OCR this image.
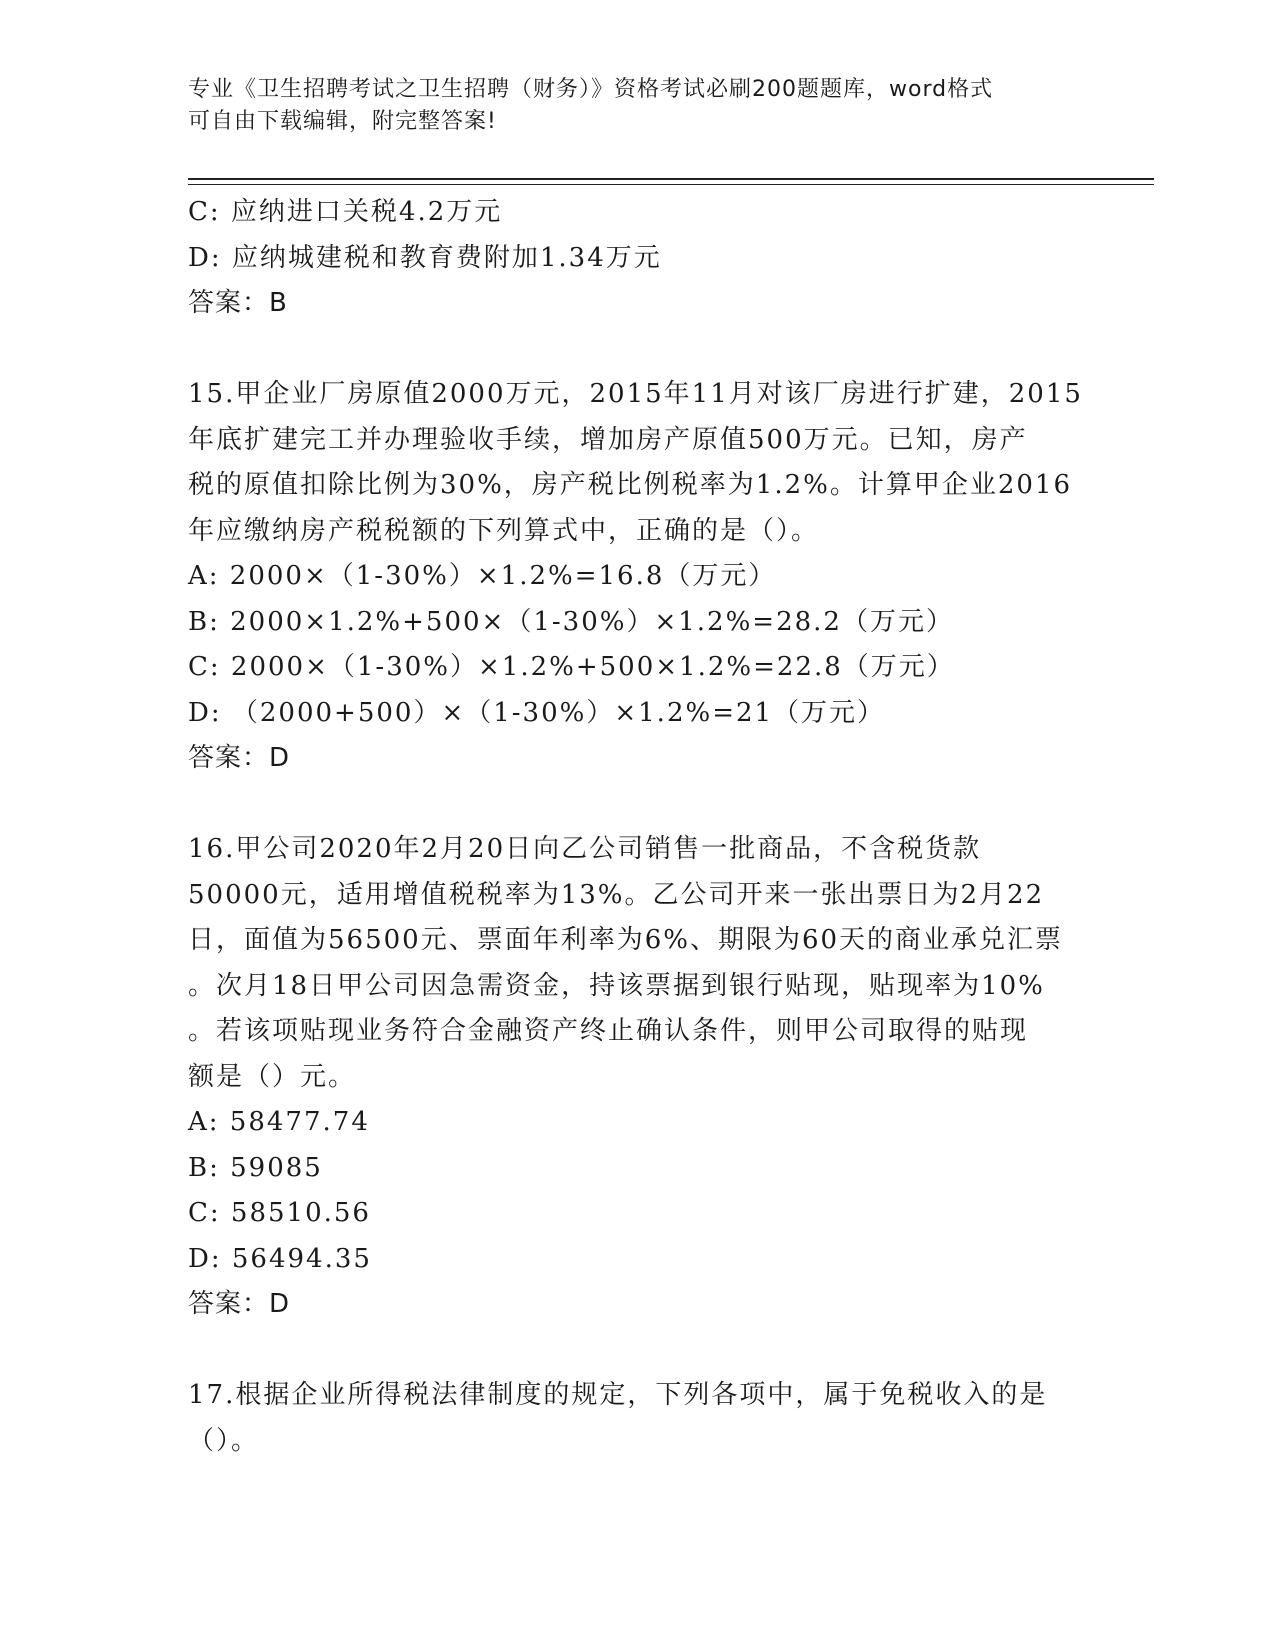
专业《卫生招聘考试之卫生招聘（财务）》资格考试必刷200题题库，word格式
可自由下载编辑，附完整答案!
C: 应纳进口关税4.2万元
D: 应纳城建税和教育费附加1.34万元
答案：B
15.甲企业厂房原值2000万元，2015年11月对该厂房进行扩建，2015
年底扩建完工并办理验收手续，增加房产原值500万元。已知，房产
税的原值扣除比例为30%，房产税比例税率为1.2%。计算甲企业2016
年应缴纳房产税税额的下列算式中，正确的是（）。
A: 2000×（1-30%）×1.2%=16.8（万元）
B: 2000×1.2%+500×（1-30%）×1.2%=28.2（万元）
C: 2000×（1-30%）×1.2%+500×1.2%=22.8（万元）
D: （2000+500）×（1-30%）×1.2%=21（万元）
答案：D
16.甲公司2020年2月20日向乙公司销售一批商品，不含税货款
50000元，适用增值税税率为13%。乙公司开来一张出票日为2月22
日，面值为56500元、票面年利率为6%、期限为60天的商业承兑汇票
。次月18日甲公司因急需资金，持该票据到银行贴现，贴现率为10%
。若该项贴现业务符合金融资产终止确认条件，则甲公司取得的贴现
额是（）元。
A: 58477.74
B: 59085
C: 58510.56
D: 56494.35
答案：D
17.根据企业所得税法律制度的规定，下列各项中，属于免税收入的是
（）。
